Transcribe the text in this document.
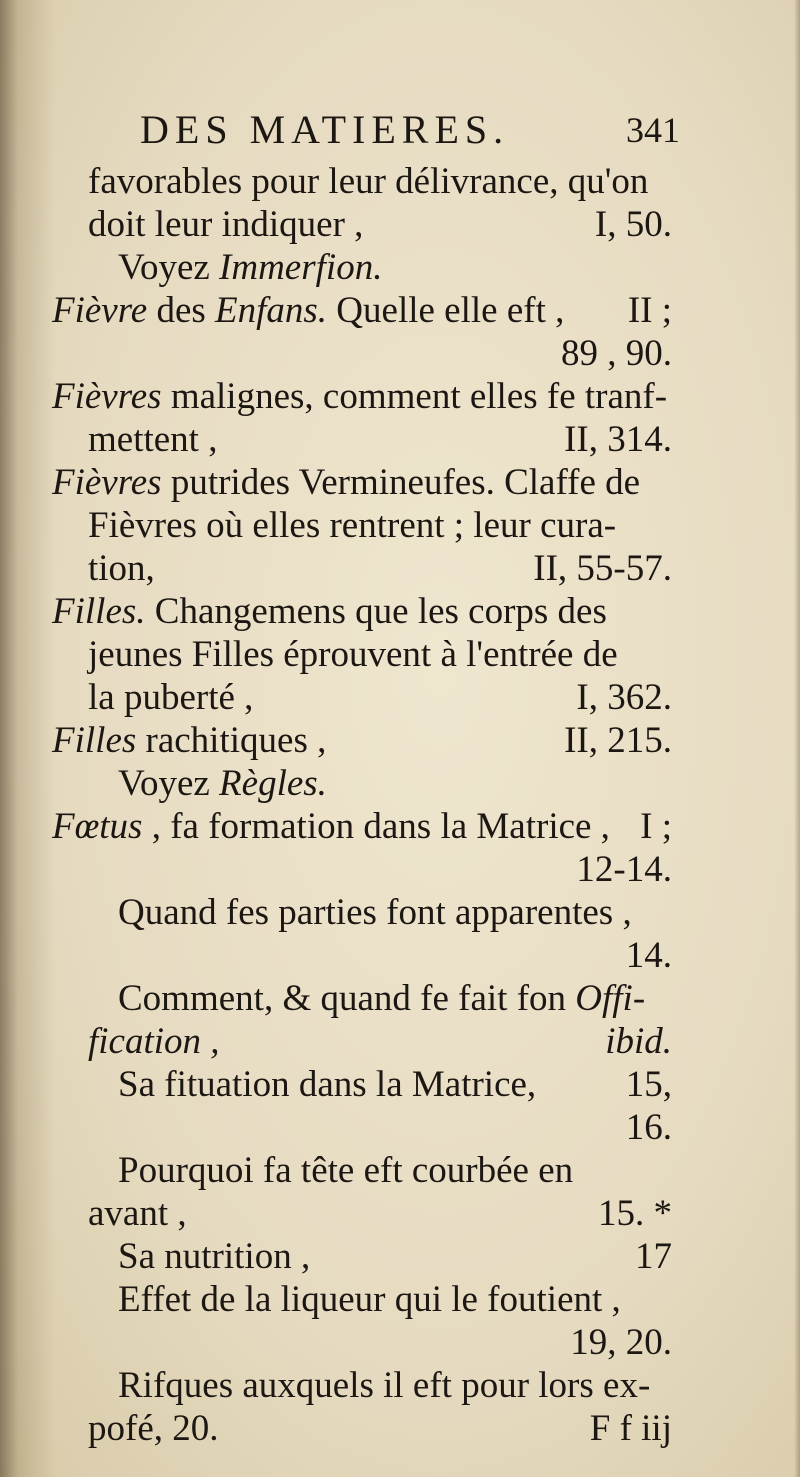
DES MATIERES.	341
favorables pour leur délivrance, qu'on
doit leur indiquer ,	I, 50.
Voyez Immerfion.
Fièvre des Enfans. Quelle elle eft , II ;
89 , 90.
Fièvres malignes, comment elles fe tranf-
mettent ,	II, 314.
Fièvres putrides Vermineufes. Claffe de
Fièvres où elles rentrent ; leur cura-
tion,	II, 55-57.
Filles. Changemens que les corps des
jeunes Filles éprouvent à l'entrée de
la puberté ,	I, 362.
Filles rachitiques ,	II, 215.
Voyez Règles.
Fœtus , fa formation dans la Matrice , I ;
12-14.
Quand fes parties font apparentes ,
14.
Comment, & quand fe fait fon Offi-
fication ,	ibid.
Sa fituation dans la Matrice, 15,
16.
Pourquoi fa tête eft courbée en
avant ,	15. *
Sa nutrition ,	17
Effet de la liqueur qui le foutient ,
19, 20.
Rifques auxquels il eft pour lors ex-
pofé, 20.	F f iij
